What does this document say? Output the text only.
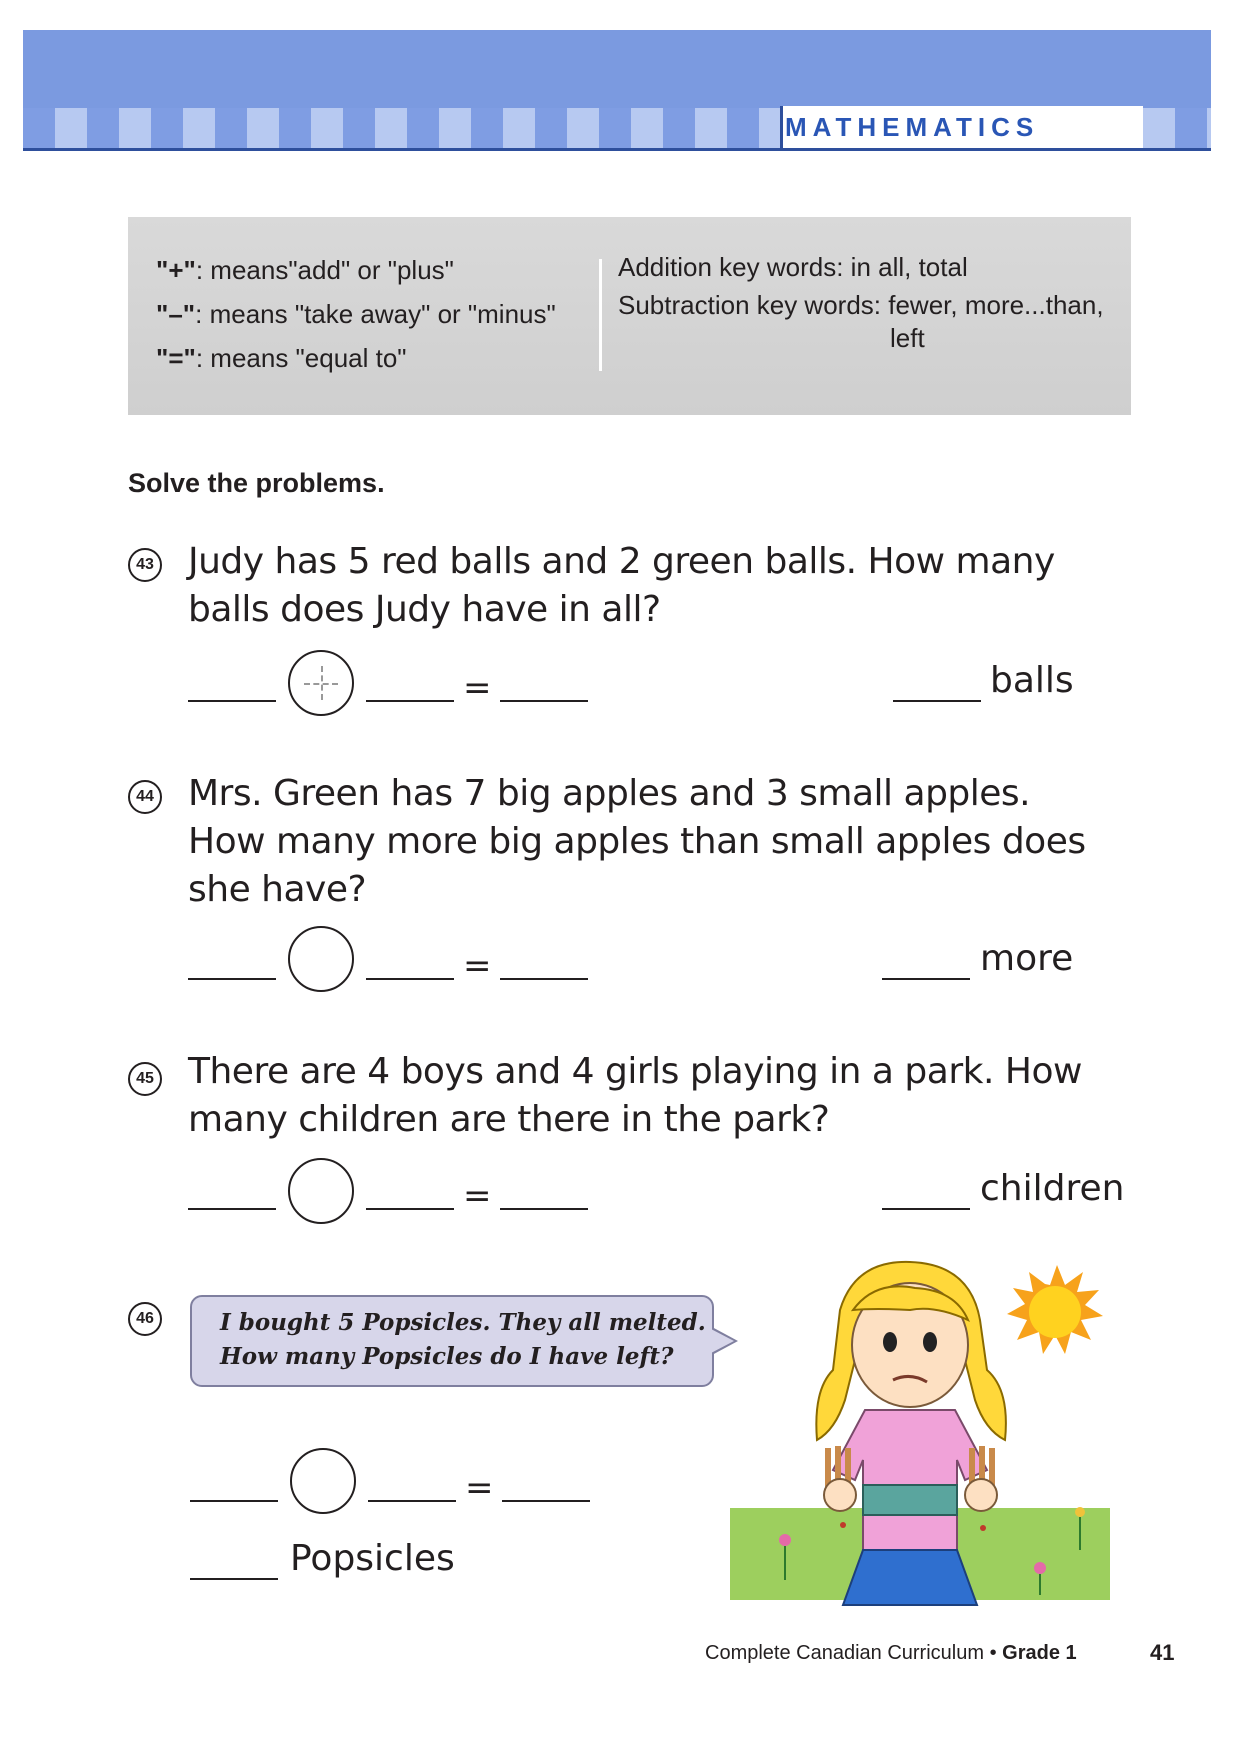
MATHEMATICS
"+": means"add" or "plus"
"–": means "take away" or "minus"
"=": means "equal to"
Addition key words: in all, total
Subtraction key words: fewer, more...than,
left
Solve the problems.
43 Judy has 5 red balls and 2 green balls. How many
balls does Judy have in all?
=	balls
44 Mrs. Green has 7 big apples and 3 small apples.
How many more big apples than small apples does
she have?
=	more
45 There are 4 boys and 4 girls playing in a park. How
many children are there in the park?
=	children
46	I bought 5 Popsicles. They all melted.
How many Popsicles do I have left?
=
Popsicles
Complete Canadian Curriculum • Grade 1	41
